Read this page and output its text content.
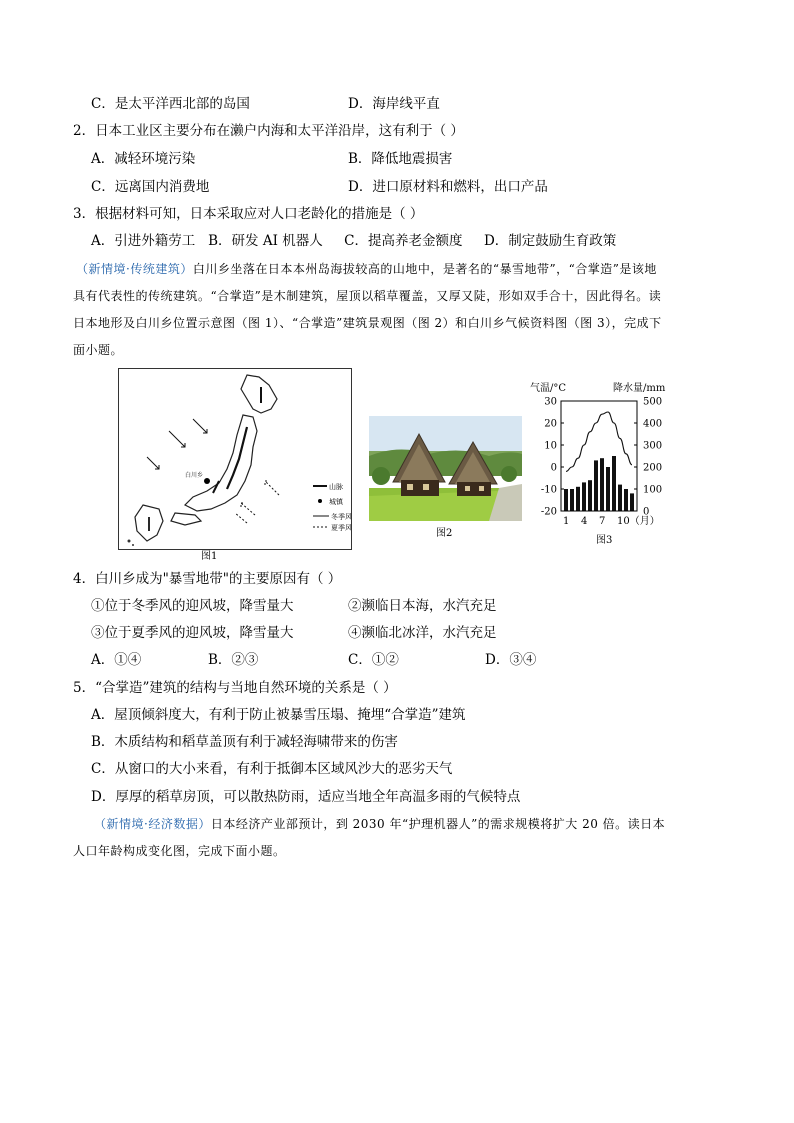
C．是太平洋西北部的岛国	D．海岸线平直
2．日本工业区主要分布在濑户内海和太平洋沿岸，这有利于（ ）
A．减轻环境污染	B．降低地震损害
C．远离国内消费地	D．进口原材料和燃料，出口产品
3．根据材料可知，日本采取应对人口老龄化的措施是（ ）
A．引进外籍劳工   B．研发 AI 机器人     C．提高养老金额度     D．制定鼓励生育政策
（新情境·传统建筑）白川乡坐落在日本本州岛海拔较高的山地中，是著名的“暴雪地带”，“合掌造”是该地
具有代表性的传统建筑。“合掌造”是木制建筑，屋顶以稻草覆盖，又厚又陡，形如双手合十，因此得名。读
日本地形及白川乡位置示意图（图 1）、“合掌造”建筑景观图（图 2）和白川乡气候资料图（图 3），完成下
面小题。
白川乡
山脉
城镇
冬季风
夏季风
图1
图2
气温/°C	降水量/mm
30
20
10
0
-10
-20
500
400
300
200
100
0
1 4 7 10（月）
图3
4．白川乡成为"暴雪地带"的主要原因有（ ）
①位于冬季风的迎风坡，降雪量大	②濒临日本海，水汽充足
③位于夏季风的迎风坡，降雪量大	④濒临北冰洋，水汽充足
A．①④	B．②③	C．①②	D．③④
5．“合掌造”建筑的结构与当地自然环境的关系是（ ）
A．屋顶倾斜度大，有利于防止被暴雪压塌、掩埋“合掌造”建筑
B．木质结构和稻草盖顶有利于减轻海啸带来的伤害
C．从窗口的大小来看，有利于抵御本区域风沙大的恶劣天气
D．厚厚的稻草房顶，可以散热防雨，适应当地全年高温多雨的气候特点
（新情境·经济数据）日本经济产业部预计，到 2030 年“护理机器人”的需求规模将扩大 20 倍。读日本
人口年龄构成变化图，完成下面小题。
